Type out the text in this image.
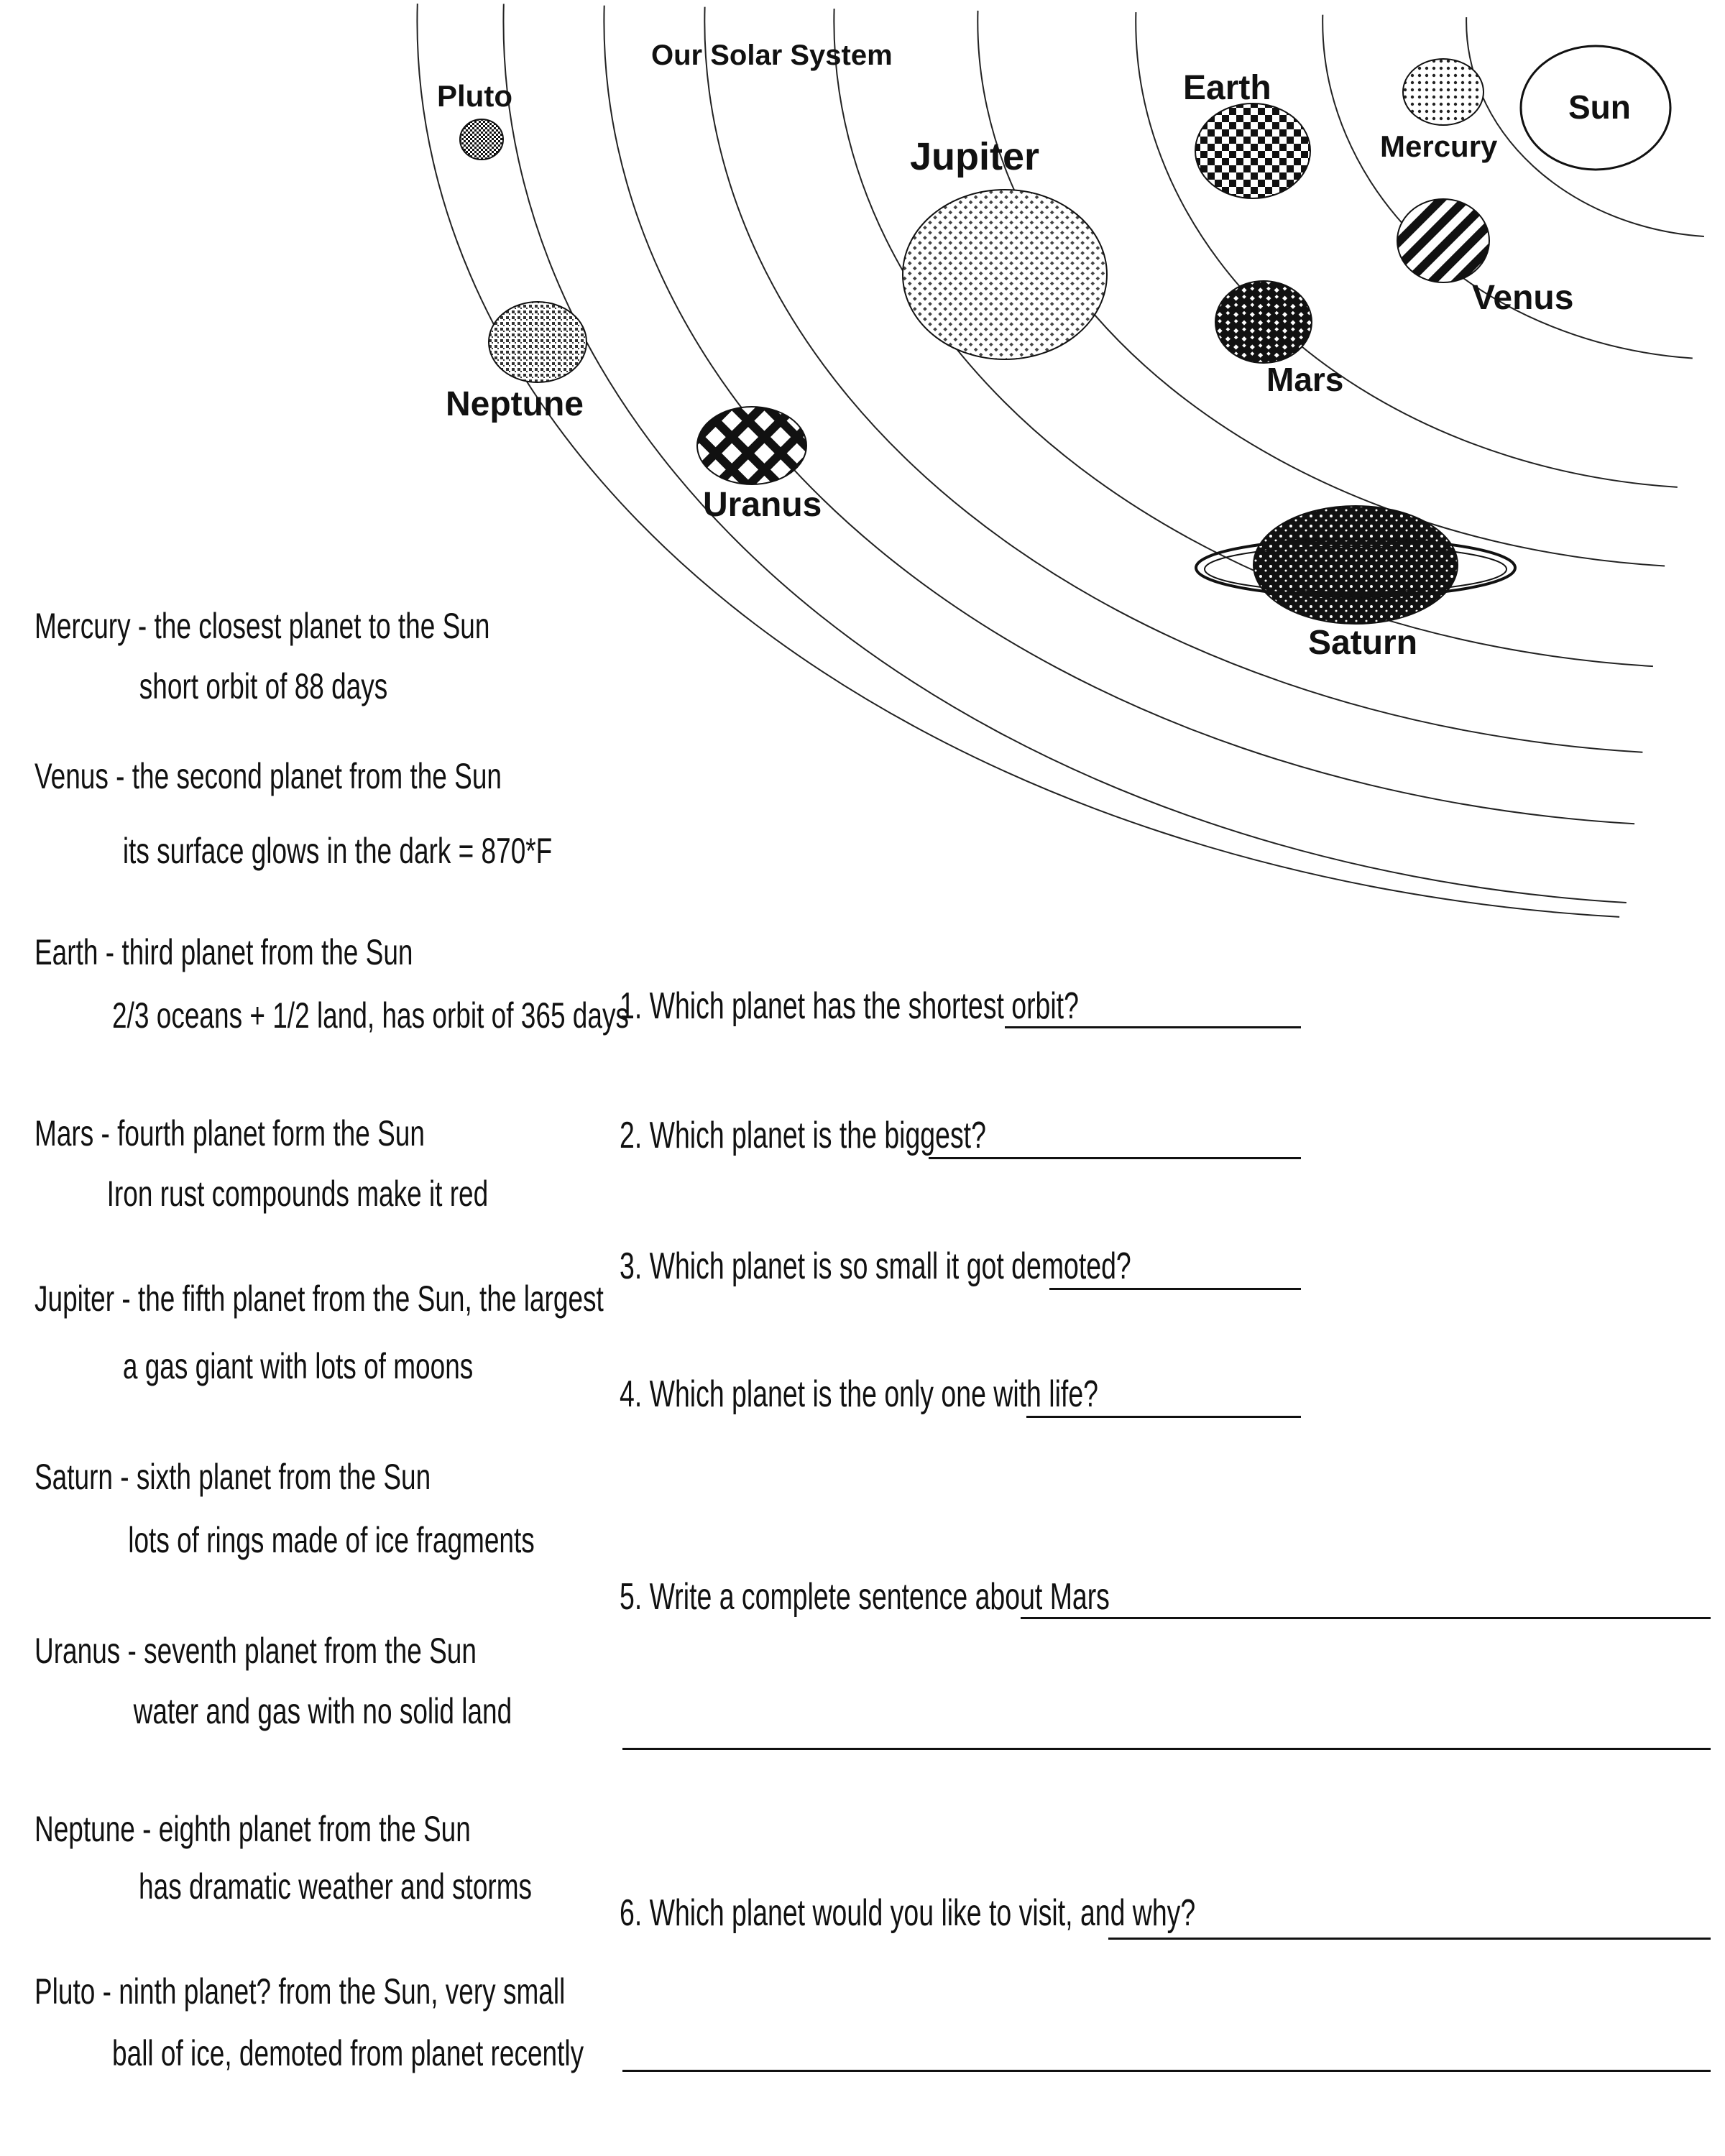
Our Solar System
Sun
Mercury
Venus
Earth
Mars
Jupiter
Saturn
Uranus
Neptune
Pluto
Mercury - the closest planet to the Sun
short orbit of 88 days
Venus - the second planet from the Sun
its surface glows in the dark = 870*F
Earth - third planet from the Sun
2/3 oceans + 1/2 land, has orbit of 365 days
Mars - fourth planet form the Sun
Iron rust compounds make it red
Jupiter - the fifth planet from the Sun, the largest
a gas giant with lots of moons
Saturn - sixth planet from the Sun
lots of rings made of ice fragments
Uranus - seventh planet from the Sun
water and gas with no solid land
Neptune - eighth planet from the Sun
has dramatic weather and storms
Pluto - ninth planet? from the Sun, very small
ball of ice, demoted from planet recently
1. Which planet has the shortest orbit?
2. Which planet is the biggest?
3. Which planet is so small it got demoted?
4. Which planet is the only one with life?
5. Write a complete sentence about Mars
6. Which planet would you like to visit, and why?
